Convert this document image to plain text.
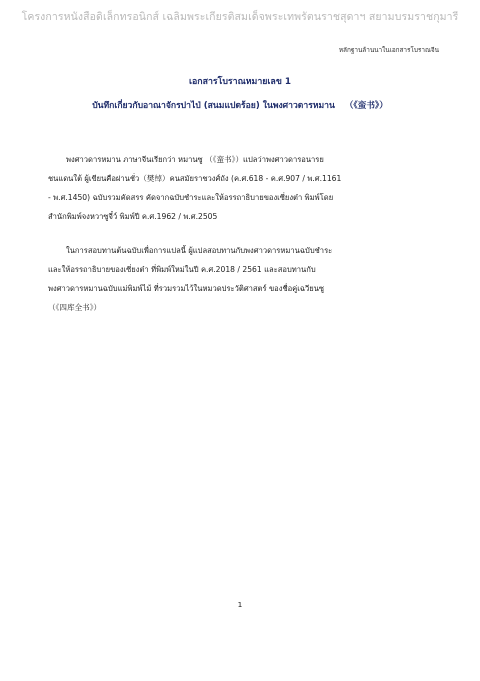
โครงการหนังสือดิเล็กทรอนิกส์ เฉลิมพระเกียรติสมเด็จพระเทพรัตนราชสุดาฯ สยามบรมราชกุมารี
หลักฐานล้านนาในเอกสารโบราณจีน
เอกสารโบราณหมายเลข 1
บันทึกเกี่ยวกับอาณาจักรปาไป่ (สนมแปดร้อย) ในพงศาวดารหมาน （《蛮书》）
พงศาวดารหมาน ภาษาจีนเรียกว่า หมานซู （《蛮书》）แปลว่าพงศาวดารอนารย
ชนแดนใต้ ผู้เขียนคือฝานชั่ว（樊绰）คนสมัยราชวงศ์ถัง (ค.ศ.618 - ค.ศ.907 / พ.ศ.1161
- พ.ศ.1450) ฉบับรวมคัดสรร คัดจากฉบับชำระและให้อรรถาธิบายของเซี่ยงต๋า พิมพ์โดย
สำนักพิมพ์จงหวาซูจี๋ว์ พิมพ์ปี ค.ศ.1962 / พ.ศ.2505
ในการสอบทานต้นฉบับเพื่อการแปลนี้ ผู้แปลสอบทานกับพงศาวดารหมานฉบับชำระ
และให้อรรถาธิบายของเซี่ยงต๋า ที่พิมพ์ใหม่ในปี ค.ศ.2018 / 2561 และสอบทานกับ
พงศาวดารหมานฉบับแม่พิมพ์ไม้ ที่รวมรวมไว้ในหมวดประวัติศาสตร์ ของชื่อคู่เฉวียนซู
（《四库全书》）
1
